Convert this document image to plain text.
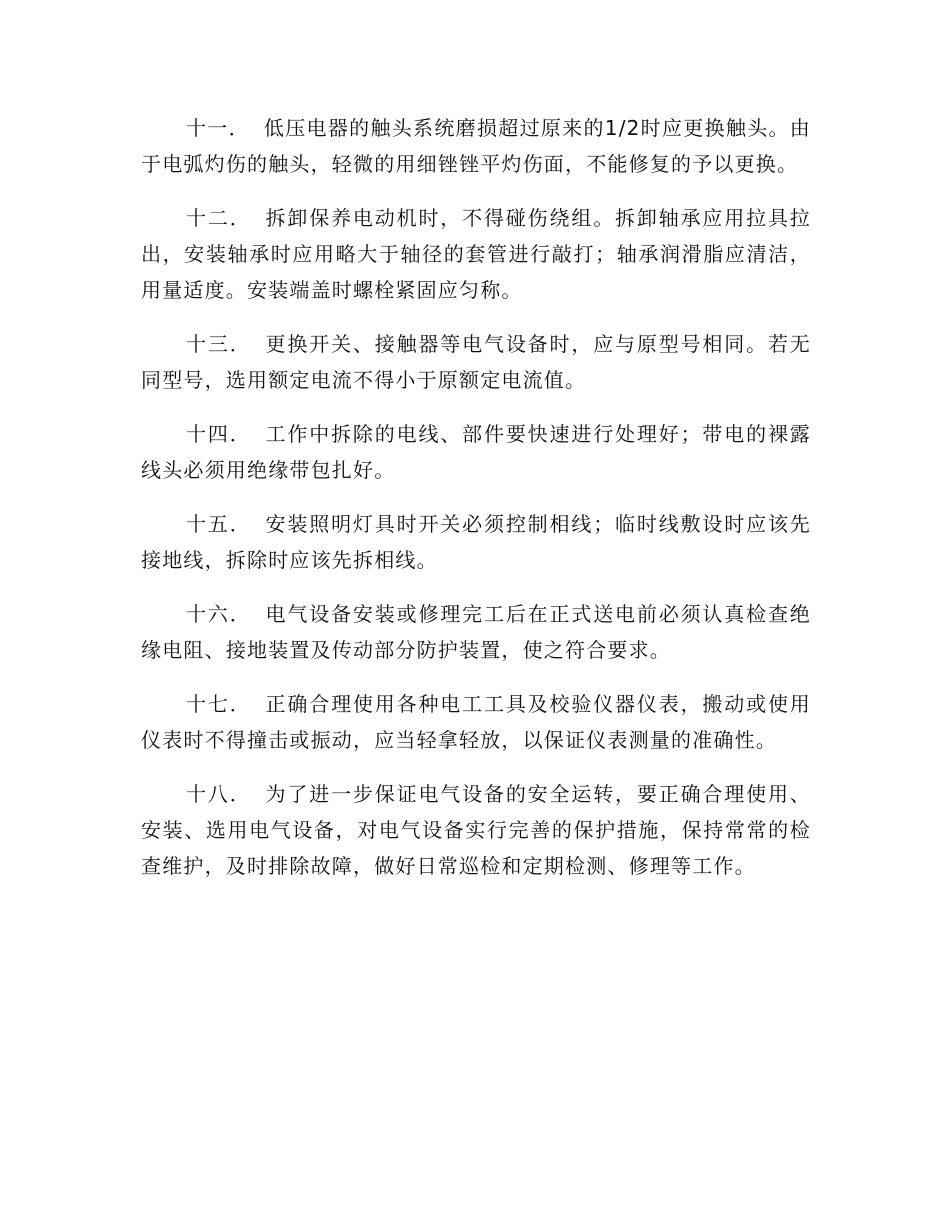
十一． 低压电器的触头系统磨损超过原来的1/2时应更换触头。由于电弧灼伤的触头，轻微的用细锉锉平灼伤面，不能修复的予以更换。

十二． 拆卸保养电动机时，不得碰伤绕组。拆卸轴承应用拉具拉出，安装轴承时应用略大于轴径的套管进行敲打；轴承润滑脂应清洁，用量适度。安装端盖时螺栓紧固应匀称。

十三． 更换开关、接触器等电气设备时，应与原型号相同。若无同型号，选用额定电流不得小于原额定电流值。

十四． 工作中拆除的电线、部件要快速进行处理好；带电的裸露线头必须用绝缘带包扎好。

十五． 安装照明灯具时开关必须控制相线；临时线敷设时应该先接地线，拆除时应该先拆相线。

十六． 电气设备安装或修理完工后在正式送电前必须认真检查绝缘电阻、接地装置及传动部分防护装置，使之符合要求。

十七． 正确合理使用各种电工工具及校验仪器仪表，搬动或使用仪表时不得撞击或振动，应当轻拿轻放，以保证仪表测量的准确性。

十八． 为了进一步保证电气设备的安全运转，要正确合理使用、安装、选用电气设备，对电气设备实行完善的保护措施，保持常常的检查维护，及时排除故障，做好日常巡检和定期检测、修理等工作。
